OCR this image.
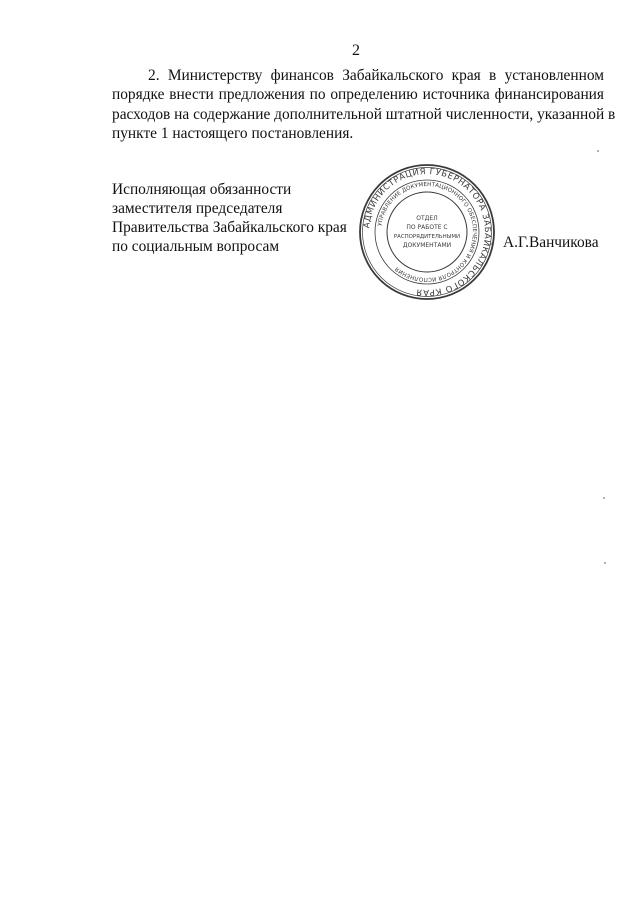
2
2. Министерству финансов Забайкальского края в установленном
порядке внести предложения по определению источника финансирования
расходов на содержание дополнительной штатной численности, указанной в
пункте 1 настоящего постановления.
Исполняющая обязанности
заместителя председателя
Правительства Забайкальского края
по социальным вопросам	А.Г.Ванчикова
АДМИНИСТРАЦИЯ ГУБЕРНАТОРА ЗАБАЙКАЛЬСКОГО КРАЯ
УПРАВЛЕНИЕ ДОКУМЕНТАЦИОННОГО ОБЕСПЕЧЕНИЯ И КОНТРОЛЯ ИСПОЛНЕНИЯ
ОТДЕЛ
ПО РАБОТЕ С
РАСПОРЯДИТЕЛЬНЫМИ
ДОКУМЕНТАМИ
